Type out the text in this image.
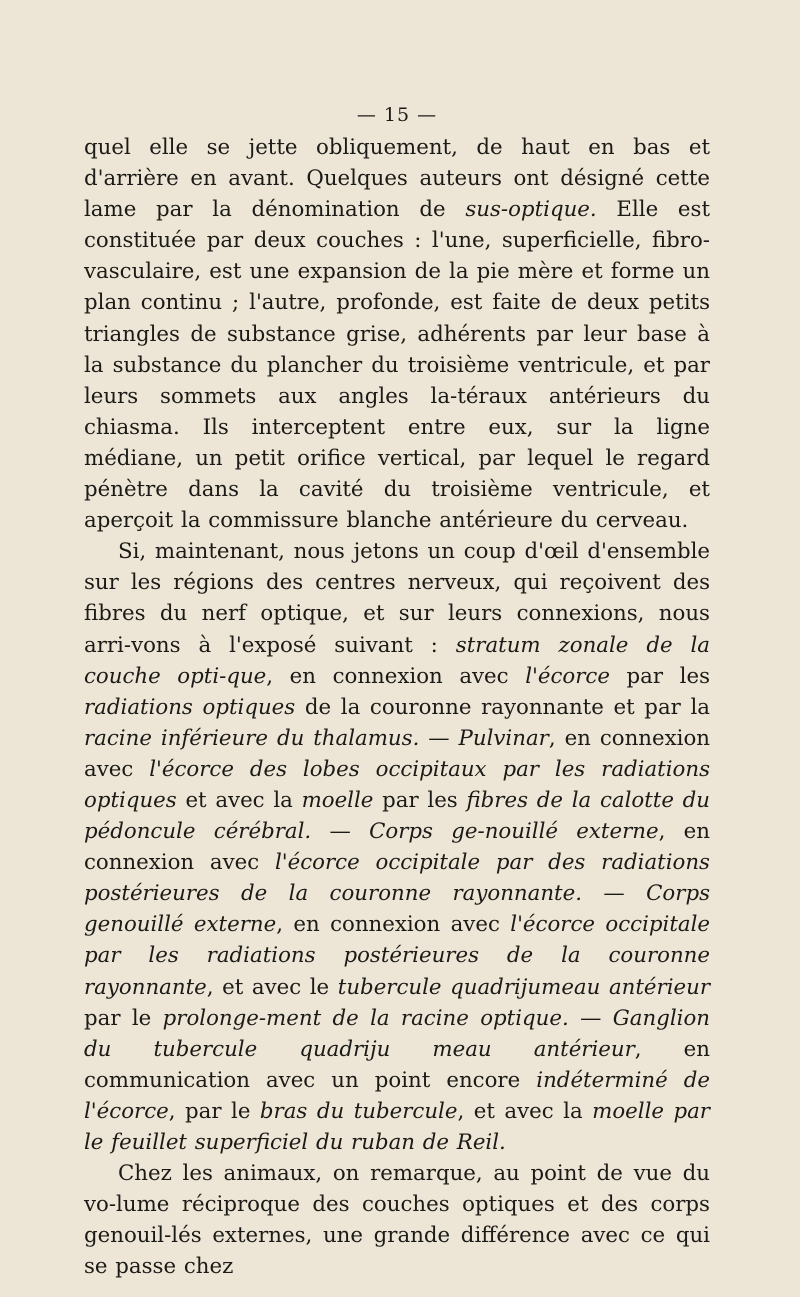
— 15 —

quel elle se jette obliquement, de haut en bas et d'arrière en avant. Quelques auteurs ont désigné cette lame par la dénomination de sus-optique. Elle est constituée par deux couches : l'une, superficielle, fibro-vasculaire, est une expansion de la pie mère et forme un plan continu ; l'autre, profonde, est faite de deux petits triangles de substance grise, adhérents par leur base à la substance du plancher du troisième ventricule, et par leurs sommets aux angles la-téraux antérieurs du chiasma. Ils interceptent entre eux, sur la ligne médiane, un petit orifice vertical, par lequel le regard pénètre dans la cavité du troisième ventricule, et aperçoit la commissure blanche antérieure du cerveau.

Si, maintenant, nous jetons un coup d'œil d'ensemble sur les régions des centres nerveux, qui reçoivent des fibres du nerf optique, et sur leurs connexions, nous arri-vons à l'exposé suivant : stratum zonale de la couche opti-que, en connexion avec l'écorce par les radiations optiques de la couronne rayonnante et par la racine inférieure du thalamus. — Pulvinar, en connexion avec l'écorce des lobes occipitaux par les radiations optiques et avec la moelle par les fibres de la calotte du pédoncule cérébral. — Corps ge-nouillé externe, en connexion avec l'écorce occipitale par des radiations postérieures de la couronne rayonnante. — Corps genouillé externe, en connexion avec l'écorce occipitale par les radiations postérieures de la couronne rayonnante, et avec le tubercule quadrijumeau antérieur par le prolonge-ment de la racine optique. — Ganglion du tubercule quadriju meau antérieur, en communication avec un point encore indéterminé de l'écorce, par le bras du tubercule, et avec la moelle par le feuillet superficiel du ruban de Reil.

Chez les animaux, on remarque, au point de vue du vo-lume réciproque des couches optiques et des corps genouil-lés externes, une grande différence avec ce qui se passe chez
